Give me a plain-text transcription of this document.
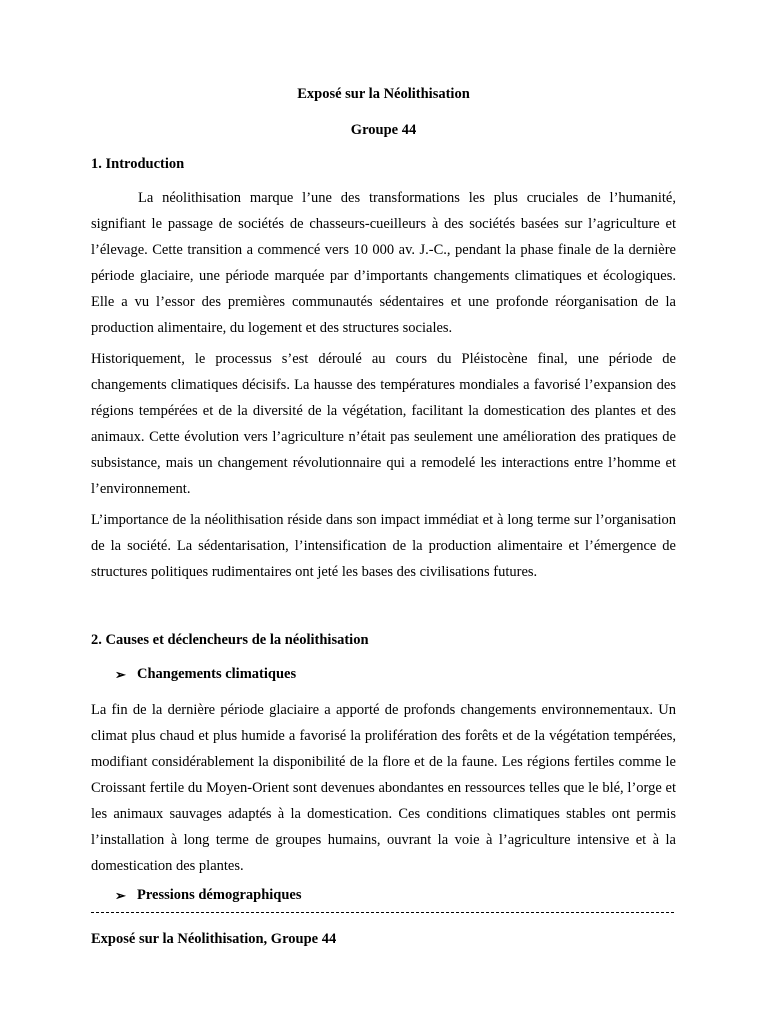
Exposé sur la Néolithisation
Groupe 44
1. Introduction

La néolithisation marque l’une des transformations les plus cruciales de l’humanité, signifiant le passage de sociétés de chasseurs-cueilleurs à des sociétés basées sur l’agriculture et l’élevage. Cette transition a commencé vers 10 000 av. J.-C., pendant la phase finale de la dernière période glaciaire, une période marquée par d’importants changements climatiques et écologiques. Elle a vu l’essor des premières communautés sédentaires et une profonde réorganisation de la production alimentaire, du logement et des structures sociales.

Historiquement, le processus s’est déroulé au cours du Pléistocène final, une période de changements climatiques décisifs. La hausse des températures mondiales a favorisé l’expansion des régions tempérées et de la diversité de la végétation, facilitant la domestication des plantes et des animaux. Cette évolution vers l’agriculture n’était pas seulement une amélioration des pratiques de subsistance, mais un changement révolutionnaire qui a remodelé les interactions entre l’homme et l’environnement.

L’importance de la néolithisation réside dans son impact immédiat et à long terme sur l’organisation de la société. La sédentarisation, l’intensification de la production alimentaire et l’émergence de structures politiques rudimentaires ont jeté les bases des civilisations futures.

2. Causes et déclencheurs de la néolithisation
➢ Changements climatiques

La fin de la dernière période glaciaire a apporté de profonds changements environnementaux. Un climat plus chaud et plus humide a favorisé la prolifération des forêts et de la végétation tempérées, modifiant considérablement la disponibilité de la flore et de la faune. Les régions fertiles comme le Croissant fertile du Moyen-Orient sont devenues abondantes en ressources telles que le blé, l’orge et les animaux sauvages adaptés à la domestication. Ces conditions climatiques stables ont permis l’installation à long terme de groupes humains, ouvrant la voie à l’agriculture intensive et à la domestication des plantes.

➢ Pressions démographiques
Exposé sur la Néolithisation, Groupe 44
